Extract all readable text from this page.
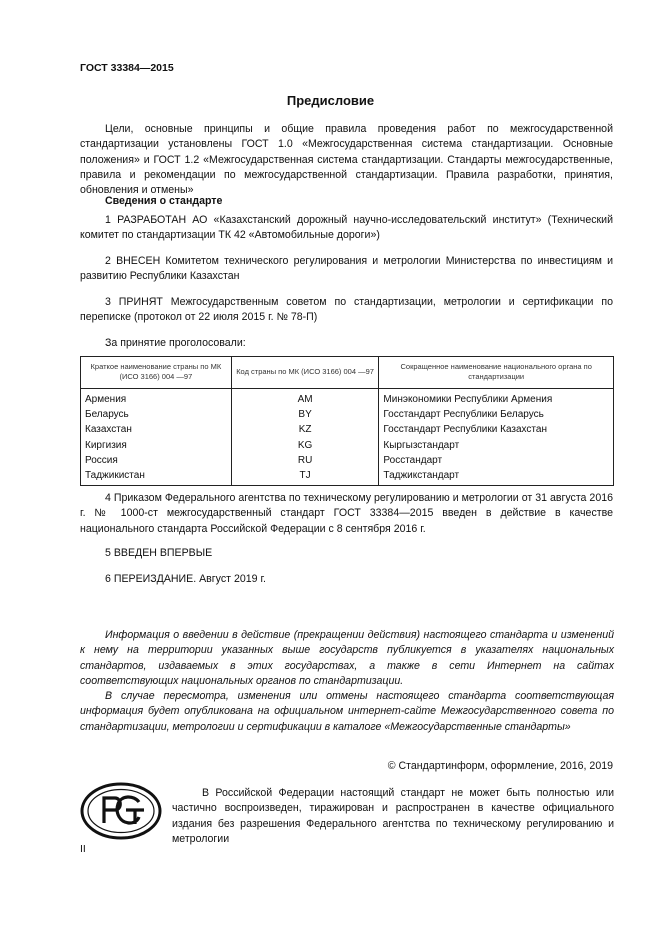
ГОСТ 33384—2015
Предисловие

Цели, основные принципы и общие правила проведения работ по межгосударственной стандартизации установлены ГОСТ 1.0 «Межгосударственная система стандартизации. Основные положения» и ГОСТ 1.2 «Межгосударственная система стандартизации. Стандарты межгосударственные, правила и рекомендации по межгосударственной стандартизации. Правила разработки, принятия, обновления и отмены»

Сведения о стандарте

1 РАЗРАБОТАН АО «Казахстанский дорожный научно-исследовательский институт» (Технический комитет по стандартизации ТК 42 «Автомобильные дороги»)

2 ВНЕСЕН Комитетом технического регулирования и метрологии Министерства по инвестициям и развитию Республики Казахстан

3 ПРИНЯТ Межгосударственным советом по стандартизации, метрологии и сертификации по переписке (протокол от 22 июля 2015 г. № 78-П)

За принятие проголосовали:
Краткое наименование страны по МК (ИСО 3166) 004 —97	Код страны по МК (ИСО 3166) 004 —97	Сокращенное наименование национального органа по стандартизации
Армения	AM	Минэкономики Республики Армения
Беларусь	BY	Госстандарт Республики Беларусь
Казахстан	KZ	Госстандарт Республики Казахстан
Киргизия	KG	Кыргызстандарт
Россия	RU	Росстандарт
Таджикистан	TJ	Таджикстандарт

4 Приказом Федерального агентства по техническому регулированию и метрологии от 31 августа 2016 г. № 1000-ст межгосударственный стандарт ГОСТ 33384—2015 введен в действие в качестве национального стандарта Российской Федерации с 8 сентября 2016 г.

5 ВВЕДЕН ВПЕРВЫЕ
6 ПЕРЕИЗДАНИЕ. Август 2019 г.

Информация о введении в действие (прекращении действия) настоящего стандарта и изменений к нему на территории указанных выше государств публикуется в указателях национальных стандартов, издаваемых в этих государствах, а также в сети Интернет на сайтах соответствующих национальных органов по стандартизации.

В случае пересмотра, изменения или отмены настоящего стандарта соответствующая информация будет опубликована на официальном интернет-сайте Межгосударственного совета по стандартизации, метрологии и сертификации в каталоге «Межгосударственные стандарты»

© Стандартинформ, оформление, 2016, 2019

В Российской Федерации настоящий стандарт не может быть полностью или частично воспроизведен, тиражирован и распространен в качестве официального издания без разрешения Федерального агентства по техническому регулированию и метрологии

II
